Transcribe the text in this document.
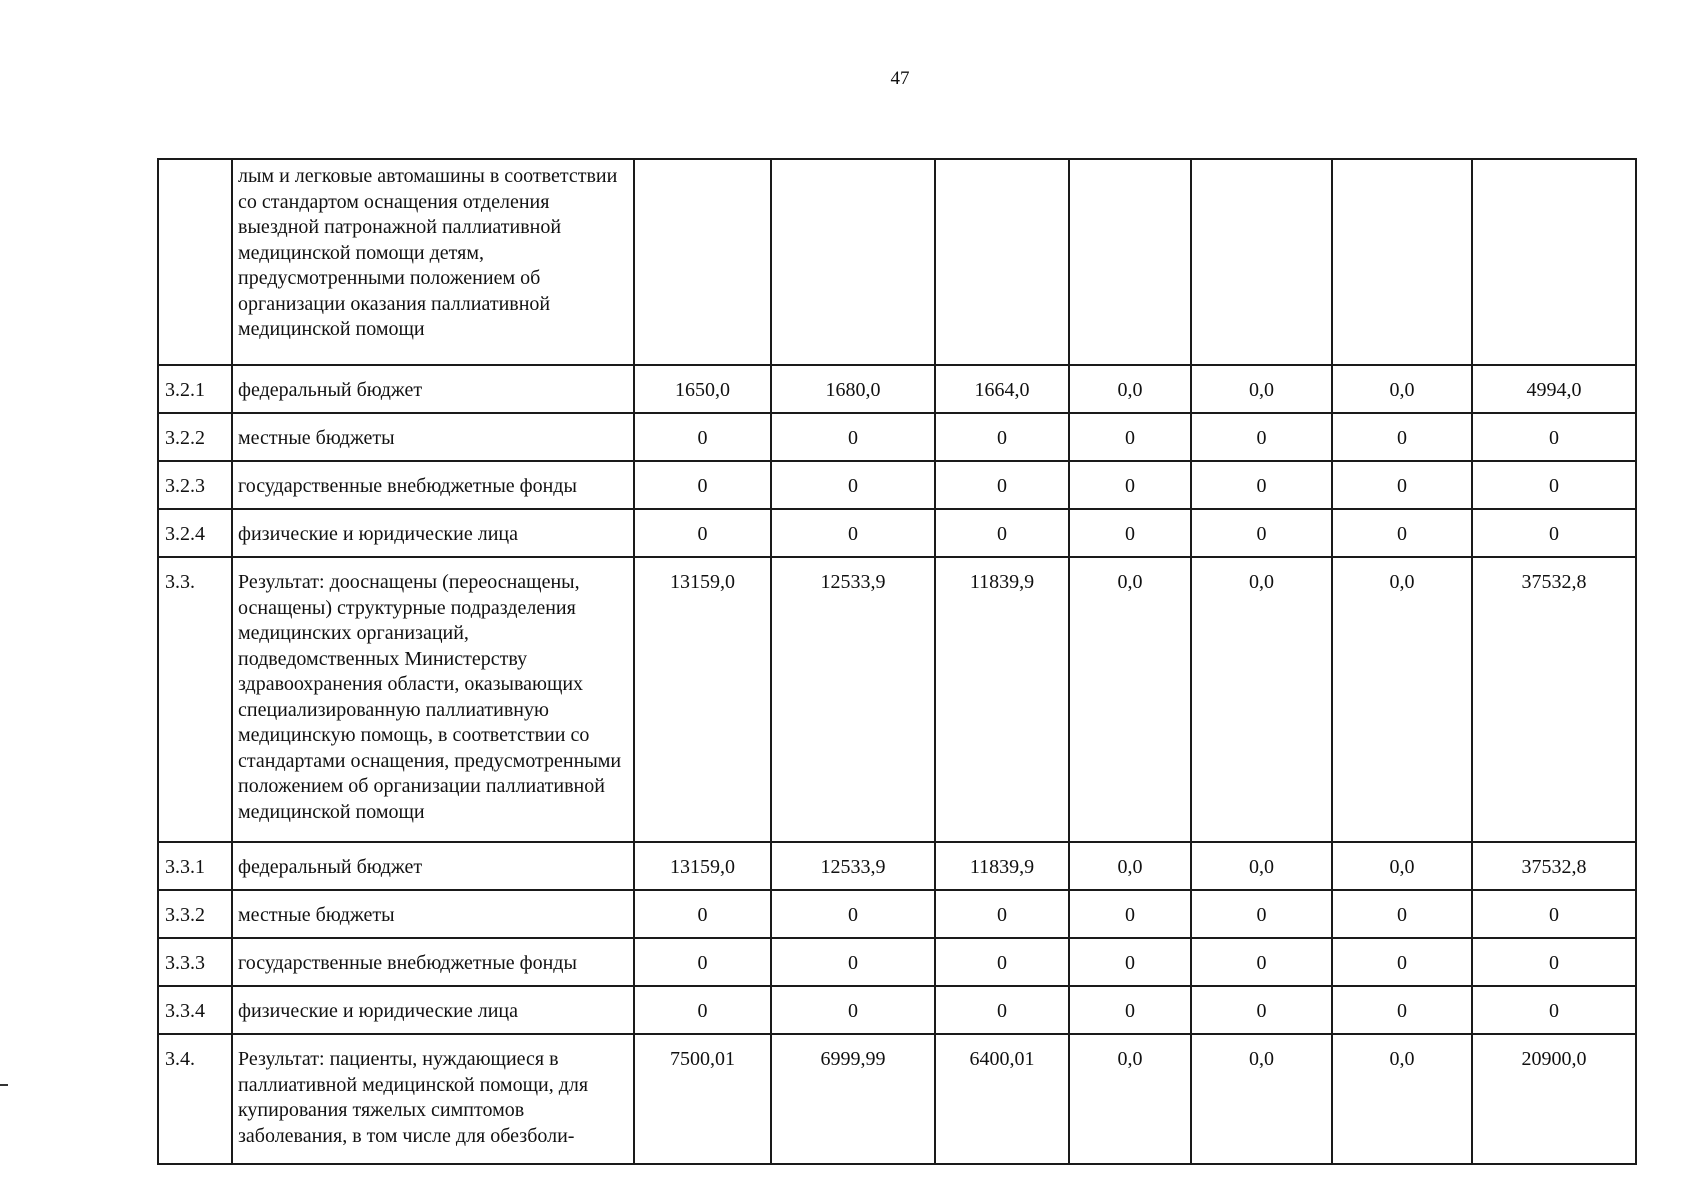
47
	лым и легковые автомашины в соответствии со стандартом оснащения отделения выездной патронажной паллиативной медицинской помощи детям, предусмотренными положением об организации оказания паллиативной медицинской помощи							
3.2.1	федеральный бюджет	1650,0	1680,0	1664,0	0,0	0,0	0,0	4994,0
3.2.2	местные бюджеты	0	0	0	0	0	0	0
3.2.3	государственные внебюджетные фонды	0	0	0	0	0	0	0
3.2.4	физические и юридические лица	0	0	0	0	0	0	0
3.3.	Результат: дооснащены (переоснащены, оснащены) структурные подразделения медицинских организаций, подведомственных Министерству здравоохранения области, оказывающих специализированную паллиативную медицинскую помощь, в соответствии со стандартами оснащения, предусмотренными положением об организации паллиативной медицинской помощи	13159,0	12533,9	11839,9	0,0	0,0	0,0	37532,8
3.3.1	федеральный бюджет	13159,0	12533,9	11839,9	0,0	0,0	0,0	37532,8
3.3.2	местные бюджеты	0	0	0	0	0	0	0
3.3.3	государственные внебюджетные фонды	0	0	0	0	0	0	0
3.3.4	физические и юридические лица	0	0	0	0	0	0	0
3.4.	Результат: пациенты, нуждающиеся в паллиативной медицинской помощи, для купирования тяжелых симптомов заболевания, в том числе для обезболи-	7500,01	6999,99	6400,01	0,0	0,0	0,0	20900,0
